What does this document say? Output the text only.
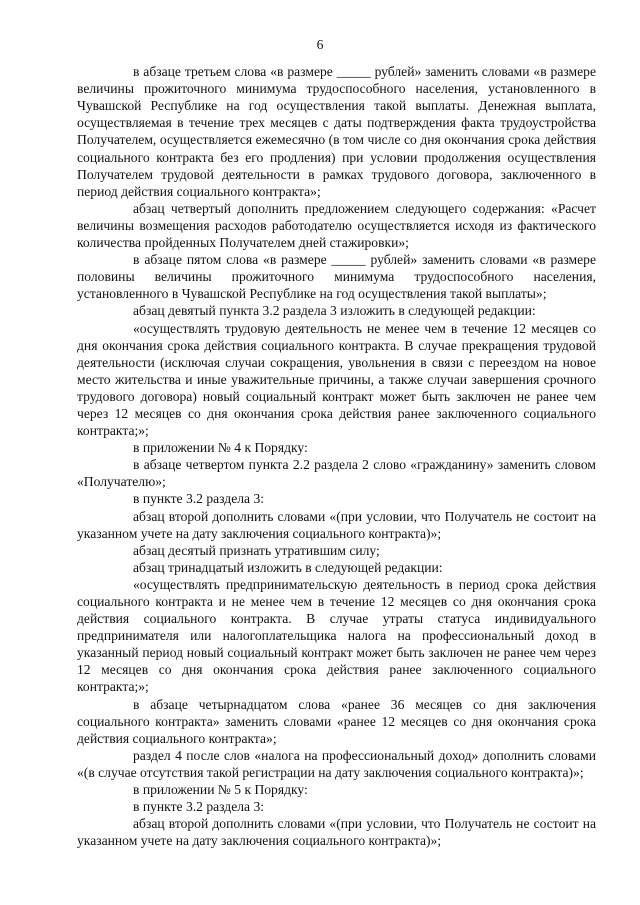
6

в абзаце третьем слова «в размере _____ рублей» заменить словами «в размере величины прожиточного минимума трудоспособного населения, установленного в Чувашской Республике на год осуществления такой выплаты. Денежная выплата, осуществляемая в течение трех месяцев с даты подтверждения факта трудоустройства Получателем, осуществляется ежемесячно (в том числе со дня окончания срока действия социального контракта без его продления) при условии продолжения осуществления Получателем трудовой деятельности в рамках трудового договора, заключенного в период действия социального контракта»;

абзац четвертый дополнить предложением следующего содержания: «Расчет величины возмещения расходов работодателю осуществляется исходя из фактического количества пройденных Получателем дней стажировки»;

в абзаце пятом слова «в размере _____ рублей» заменить словами «в размере половины величины прожиточного минимума трудоспособного населения, установленного в Чувашской Республике на год осуществления такой выплаты»;

абзац девятый пункта 3.2 раздела 3 изложить в следующей редакции:

«осуществлять трудовую деятельность не менее чем в течение 12 месяцев со дня окончания срока действия социального контракта. В случае прекращения трудовой деятельности (исключая случаи сокращения, увольнения в связи с переездом на новое место жительства и иные уважительные причины, а также случаи завершения срочного трудового договора) новый социальный контракт может быть заключен не ранее чем через 12 месяцев со дня окончания срока действия ранее заключенного социального контракта;»;

в приложении № 4 к Порядку:

в абзаце четвертом пункта 2.2 раздела 2 слово «гражданину» заменить словом «Получателю»;

в пункте 3.2 раздела 3:

абзац второй дополнить словами «(при условии, что Получатель не состоит на указанном учете на дату заключения социального контракта)»;

абзац десятый признать утратившим силу;

абзац тринадцатый изложить в следующей редакции:

«осуществлять предпринимательскую деятельность в период срока действия социального контракта и не менее чем в течение 12 месяцев со дня окончания срока действия социального контракта. В случае утраты статуса индивидуального предпринимателя или налогоплательщика налога на профессиональный доход в указанный период новый социальный контракт может быть заключен не ранее чем через 12 месяцев со дня окончания срока действия ранее заключенного социального контракта;»;

в абзаце четырнадцатом слова «ранее 36 месяцев со дня заключения социального контракта» заменить словами «ранее 12 месяцев со дня окончания срока действия социального контракта»;

раздел 4 после слов «налога на профессиональный доход» дополнить словами «(в случае отсутствия такой регистрации на дату заключения социального контракта)»;

в приложении № 5 к Порядку:

в пункте 3.2 раздела 3:

абзац второй дополнить словами «(при условии, что Получатель не состоит на указанном учете на дату заключения социального контракта)»;
